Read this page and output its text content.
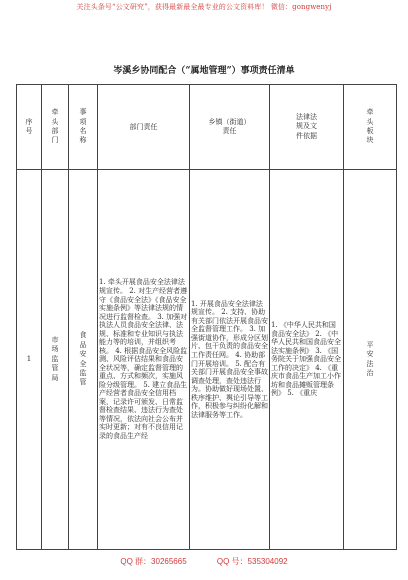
关注头条号“公文研究”，获得最新最全最专业的公文资料库！ 微信：gongwenyj
岑溪乡协同配合（“属地管理”）事项责任清单
序号	牵头部门	事项名称	部门责任	乡镇（街道）责任	法律法规及文件依据	牵头板块
1	市场监管局	食品安全监管	1. 牵头开展食品安全法律法规宣传。 2. 对生产经营者遵守《食品安全法》《食品安全实施条例》等法律法规的情况进行监督检查。 3. 加强对执法人员食品安全法律、法规、标准和专业知识与执法能力等的培训，并组织考核。 4. 根据食品安全风险监测、风险评估结果和食品安全状况等，确定监督管理的重点、方式和频次，实施风险分级管理。 5. 建立食品生产经营者食品安全信用档案，记录许可颁发、日常监督检查结果、违法行为查处等情况，依法向社会公布并实时更新；对有不良信用记录的食品生产经	1. 开展食品安全法律法规宣传。 2. 支持、协助有关部门依法开展食品安全监督管理工作。 3. 加强街道协作，形成分区划片、包干负责的食品安全工作责任网。 4. 协助部门开展培训。 5. 配合有关部门开展食品安全事故调查处理，查处违法行为。协助做好现场处置、秩序维护、舆论引导等工作，积极参与纠纷化解和法律服务等工作。	1. 《中华人民共和国食品安全法》 2. 《中华人民共和国食品安全法实施条例》 3. 《国务院关于加强食品安全工作的决定》 4. 《重庆市食品生产加工小作坊和食品摊贩管理条例》 5. 《重庆	平安法治
QQ 群：30265665	QQ 号：535304092
